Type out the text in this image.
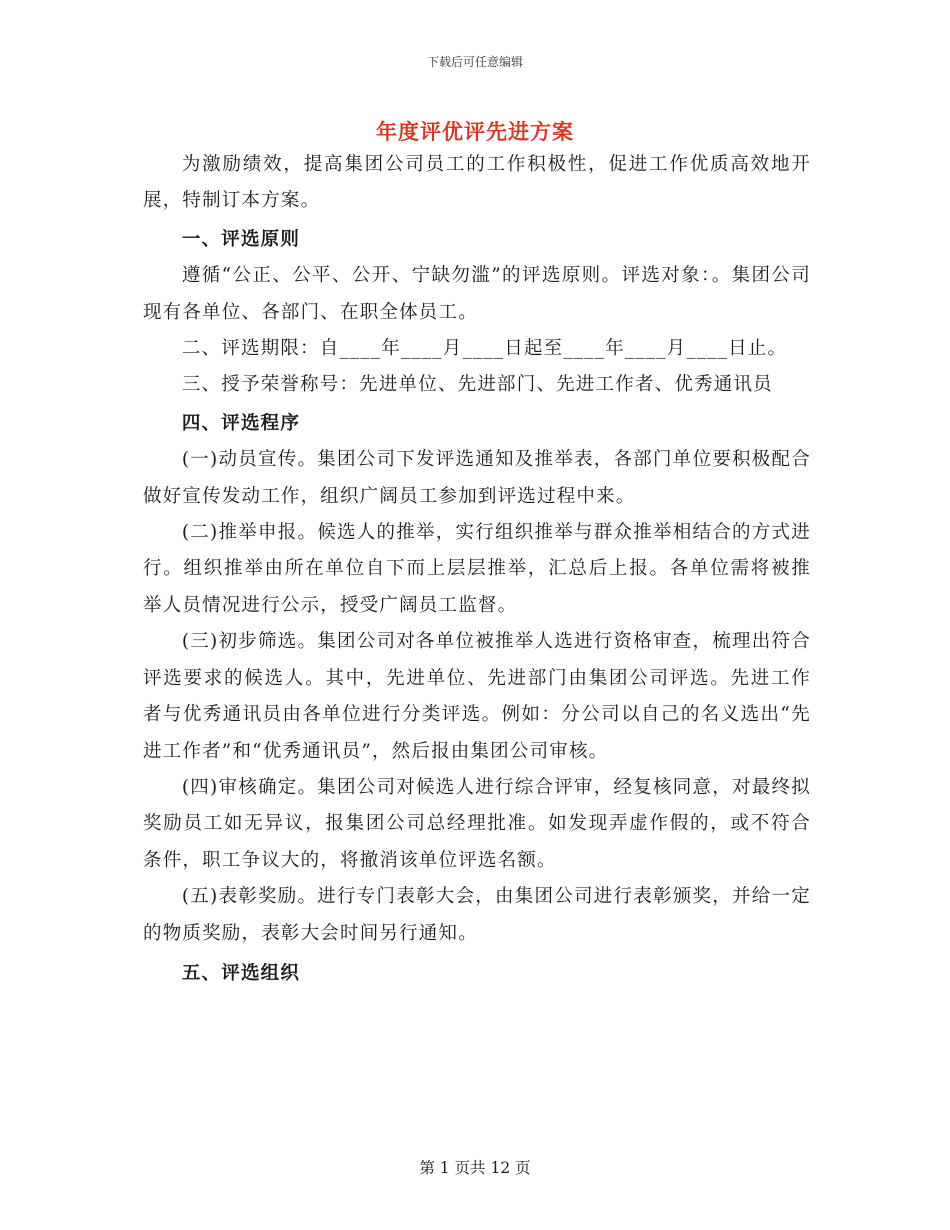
下载后可任意编辑
年度评优评先进方案

为激励绩效，提高集团公司员工的工作积极性，促进工作优质高效地开展，特制订本方案。

一、评选原则

遵循“公正、公平、公开、宁缺勿滥”的评选原则。评选对象：。集团公司现有各单位、各部门、在职全体员工。

二、评选期限：自____年____月____日起至____年____月____日止。

三、授予荣誉称号：先进单位、先进部门、先进工作者、优秀通讯员

四、评选程序

(一)动员宣传。集团公司下发评选通知及推举表，各部门单位要积极配合做好宣传发动工作，组织广阔员工参加到评选过程中来。

(二)推举申报。候选人的推举，实行组织推举与群众推举相结合的方式进行。组织推举由所在单位自下而上层层推举，汇总后上报。各单位需将被推举人员情况进行公示，授受广阔员工监督。

(三)初步筛选。集团公司对各单位被推举人选进行资格审查，梳理出符合评选要求的候选人。其中，先进单位、先进部门由集团公司评选。先进工作者与优秀通讯员由各单位进行分类评选。例如：分公司以自己的名义选出“先进工作者”和“优秀通讯员”，然后报由集团公司审核。

(四)审核确定。集团公司对候选人进行综合评审，经复核同意，对最终拟奖励员工如无异议，报集团公司总经理批准。如发现弄虚作假的，或不符合条件，职工争议大的，将撤消该单位评选名额。

(五)表彰奖励。进行专门表彰大会，由集团公司进行表彰颁奖，并给一定的物质奖励，表彰大会时间另行通知。

五、评选组织

第 1 页共 12 页
